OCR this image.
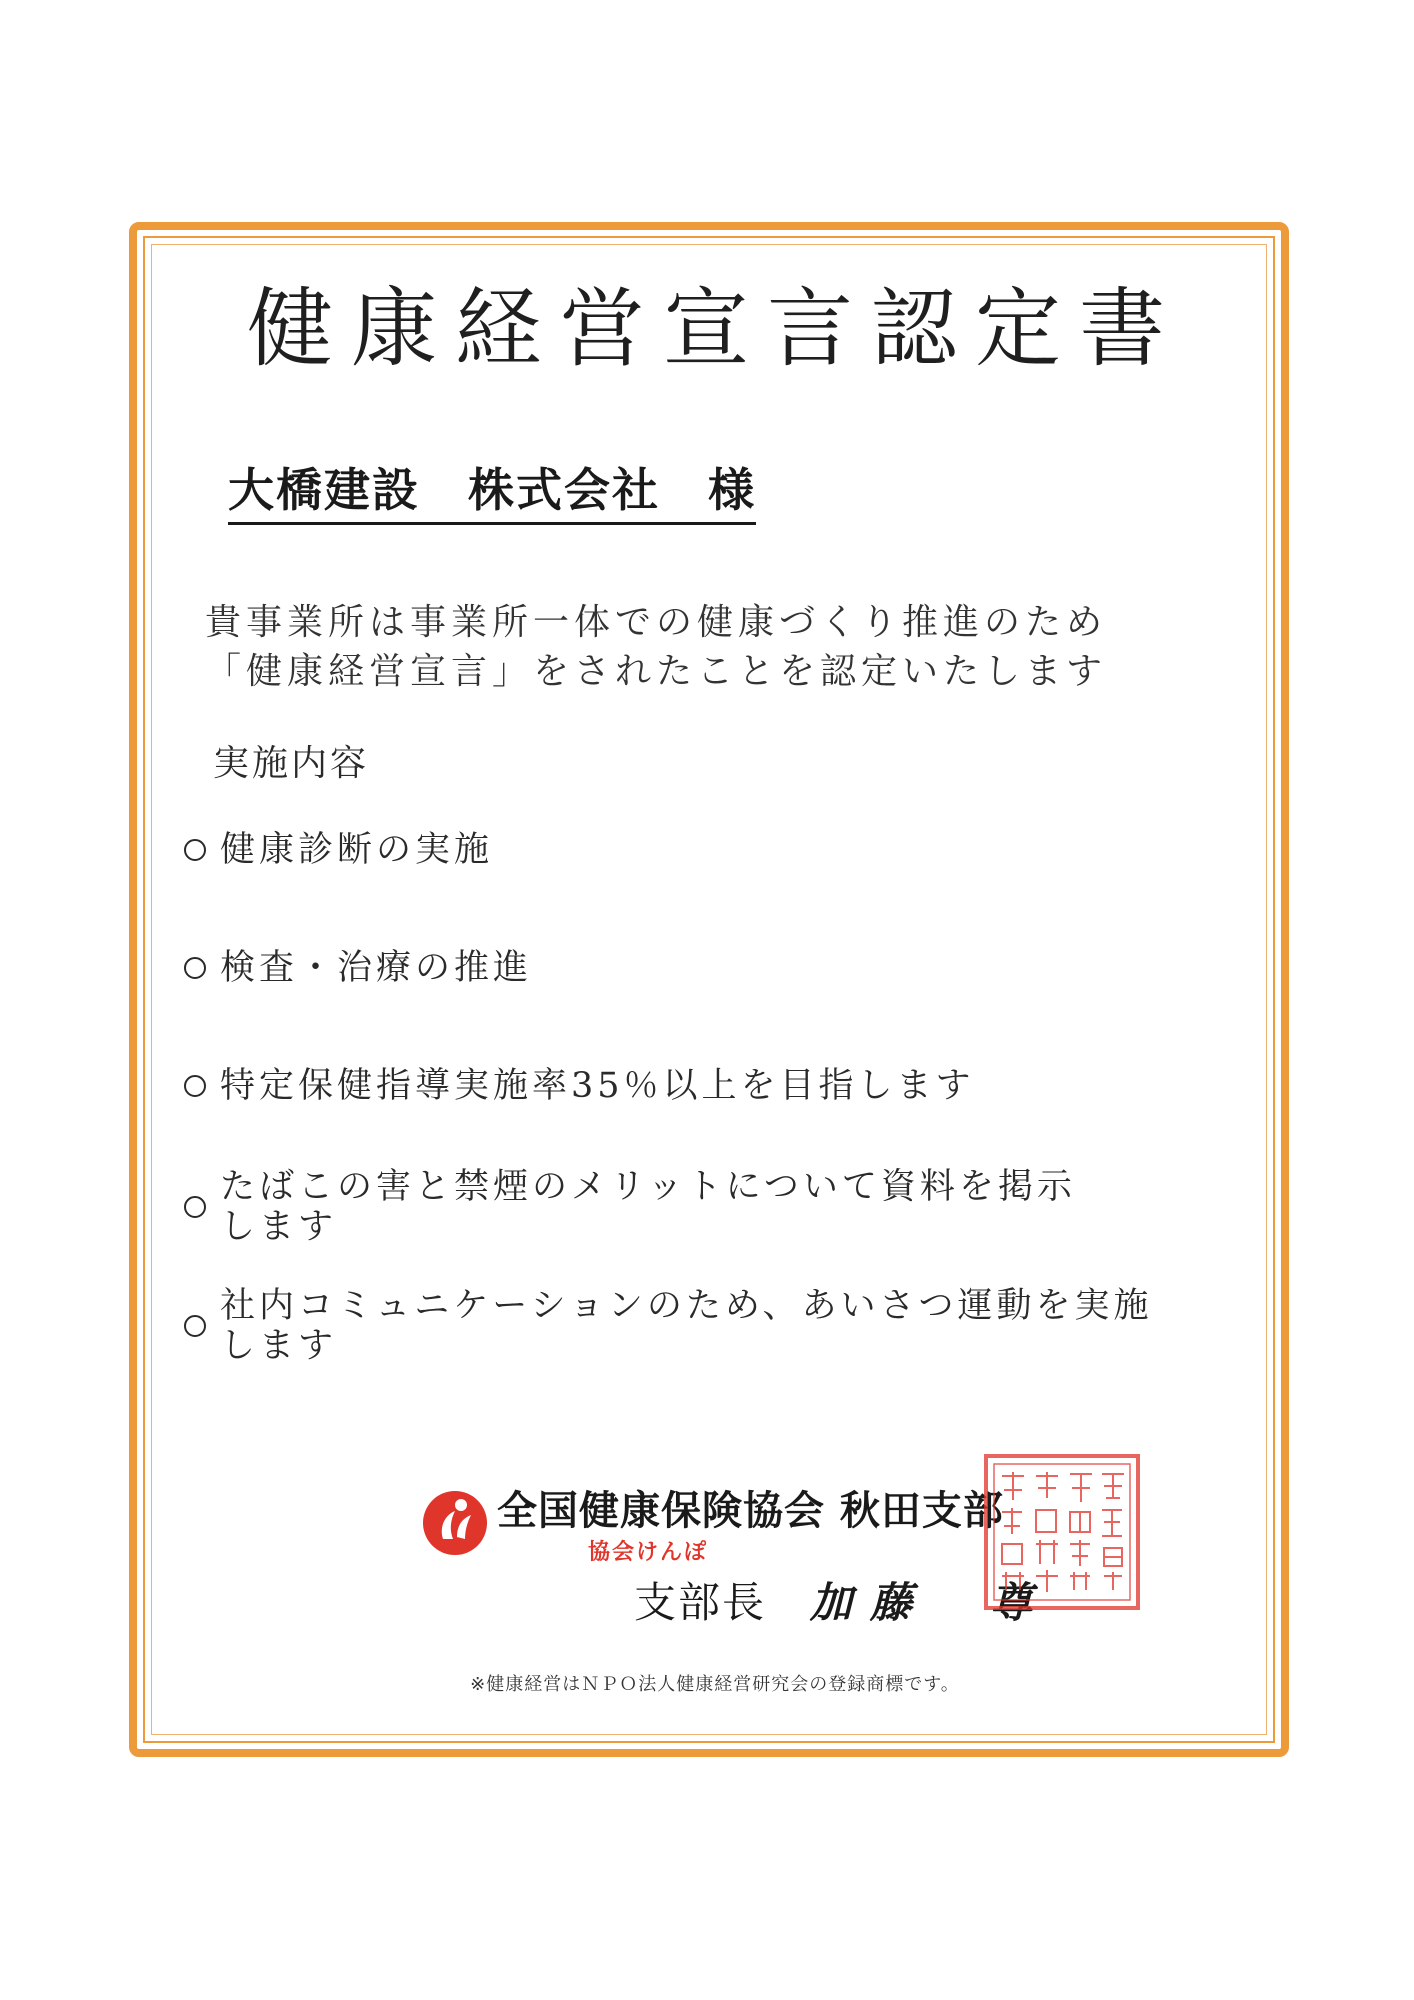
健康経営宣言認定書
大橋建設　株式会社　様
貴事業所は事業所一体での健康づくり推進のため
「健康経営宣言」をされたことを認定いたします
実施内容
健康診断の実施
検査・治療の推進
特定保健指導実施率35％以上を目指します
たばこの害と禁煙のメリットについて資料を掲示
します
社内コミュニケーションのため、あいさつ運動を実施
します
全国健康保険協会 秋田支部
協会けんぽ
支部長 加藤　尊
※健康経営はＮＰＯ法人健康経営研究会の登録商標です。
